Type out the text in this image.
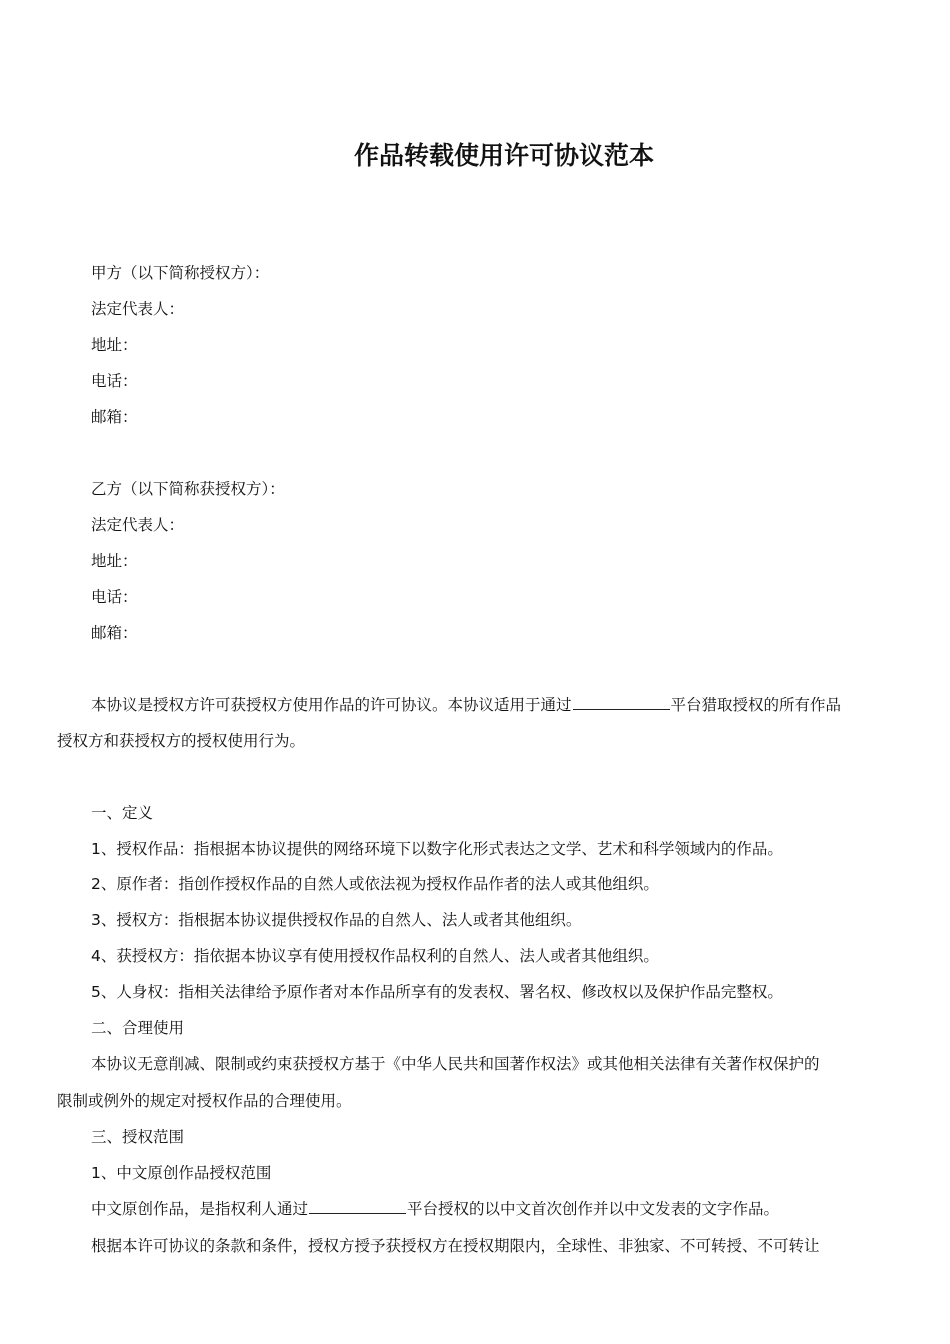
作品转载使用许可协议范本
甲方（以下简称授权方）：
法定代表人：
地址：
电话：
邮箱：
乙方（以下简称获授权方）：
法定代表人：
地址：
电话：
邮箱：
本协议是授权方许可获授权方使用作品的许可协议。本协议适用于通过	平台猎取授权的所有作品
授权方和获授权方的授权使用行为。
一、定义
1、授权作品：指根据本协议提供的网络环境下以数字化形式表达之文学、艺术和科学领域内的作品。
2、原作者：指创作授权作品的自然人或依法视为授权作品作者的法人或其他组织。
3、授权方：指根据本协议提供授权作品的自然人、法人或者其他组织。
4、获授权方：指依据本协议享有使用授权作品权利的自然人、法人或者其他组织。
5、人身权：指相关法律给予原作者对本作品所享有的发表权、署名权、修改权以及保护作品完整权。
二、合理使用
本协议无意削减、限制或约束获授权方基于《中华人民共和国著作权法》或其他相关法律有关著作权保护的
限制或例外的规定对授权作品的合理使用。
三、授权范围
1、中文原创作品授权范围
中文原创作品，是指权利人通过	平台授权的以中文首次创作并以中文发表的文字作品。
根据本许可协议的条款和条件，授权方授予获授权方在授权期限内，全球性、非独家、不可转授、不可转让
